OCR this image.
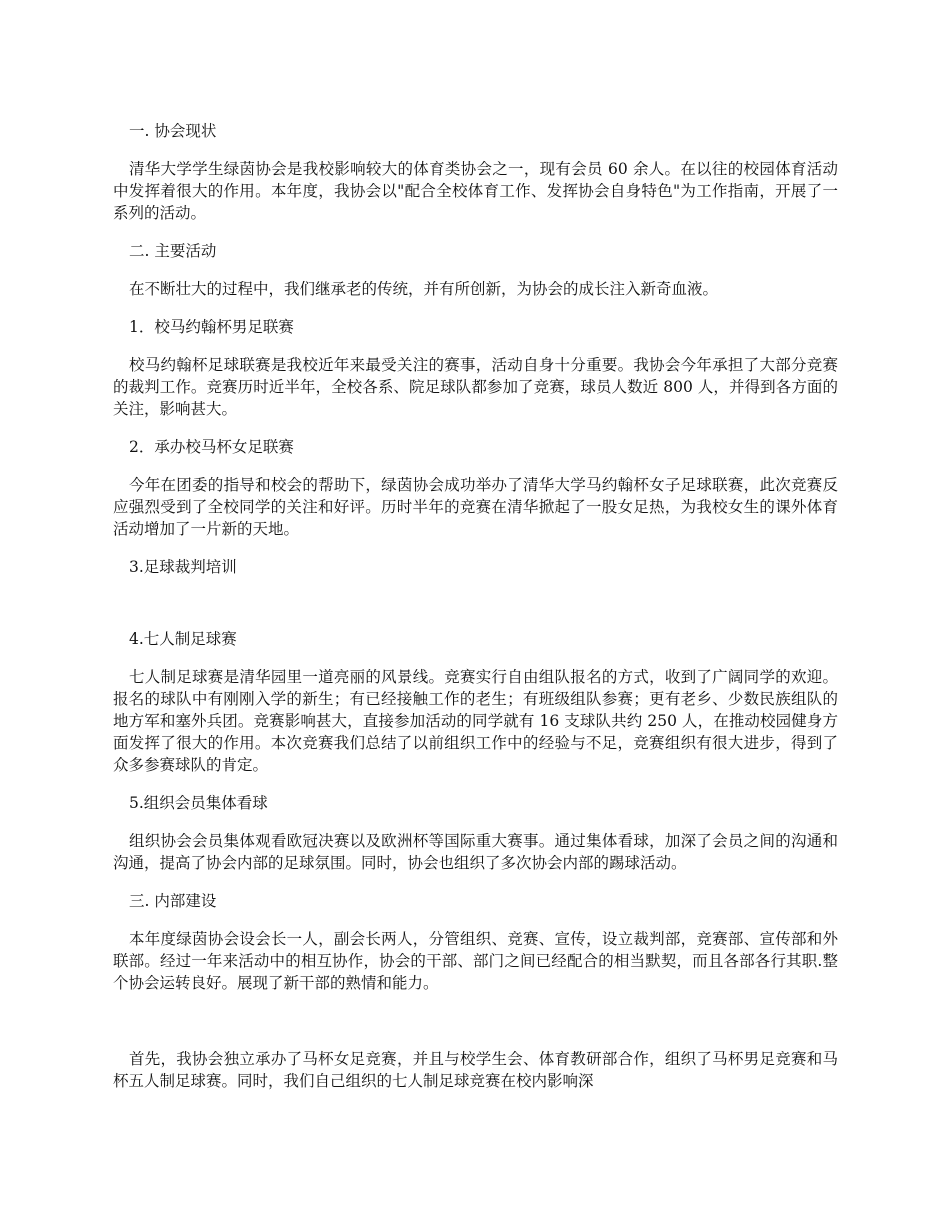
一. 协会现状

清华大学学生绿茵协会是我校影响较大的体育类协会之一，现有会员 60 余人。在以往的校园体育活动中发挥着很大的作用。本年度，我协会以"配合全校体育工作、发挥协会自身特色"为工作指南，开展了一系列的活动。

二. 主要活动

在不断壮大的过程中，我们继承老的传统，并有所创新，为协会的成长注入新奇血液。

1．校马约翰杯男足联赛

校马约翰杯足球联赛是我校近年来最受关注的赛事，活动自身十分重要。我协会今年承担了大部分竞赛的裁判工作。竞赛历时近半年，全校各系、院足球队都参加了竞赛，球员人数近 800 人，并得到各方面的关注，影响甚大。

2．承办校马杯女足联赛

今年在团委的指导和校会的帮助下，绿茵协会成功举办了清华大学马约翰杯女子足球联赛，此次竞赛反应强烈受到了全校同学的关注和好评。历时半年的竞赛在清华掀起了一股女足热，为我校女生的课外体育活动增加了一片新的天地。

3.足球裁判培训
4.七人制足球赛

七人制足球赛是清华园里一道亮丽的风景线。竞赛实行自由组队报名的方式，收到了广阔同学的欢迎。报名的球队中有刚刚入学的新生；有已经接触工作的老生；有班级组队参赛；更有老乡、少数民族组队的地方军和塞外兵团。竞赛影响甚大，直接参加活动的同学就有 16 支球队共约 250 人，在推动校园健身方面发挥了很大的作用。本次竞赛我们总结了以前组织工作中的经验与不足，竞赛组织有很大进步，得到了众多参赛球队的肯定。

5.组织会员集体看球

组织协会会员集体观看欧冠决赛以及欧洲杯等国际重大赛事。通过集体看球，加深了会员之间的沟通和沟通，提高了协会内部的足球氛围。同时，协会也组织了多次协会内部的踢球活动。

三. 内部建设

本年度绿茵协会设会长一人，副会长两人，分管组织、竞赛、宣传，设立裁判部，竞赛部、宣传部和外联部。经过一年来活动中的相互协作，协会的干部、部门之间已经配合的相当默契，而且各部各行其职.整个协会运转良好。展现了新干部的熟情和能力。

首先，我协会独立承办了马杯女足竞赛，并且与校学生会、体育教研部合作，组织了马杯男足竞赛和马杯五人制足球赛。同时，我们自己组织的七人制足球竞赛在校内影响深
